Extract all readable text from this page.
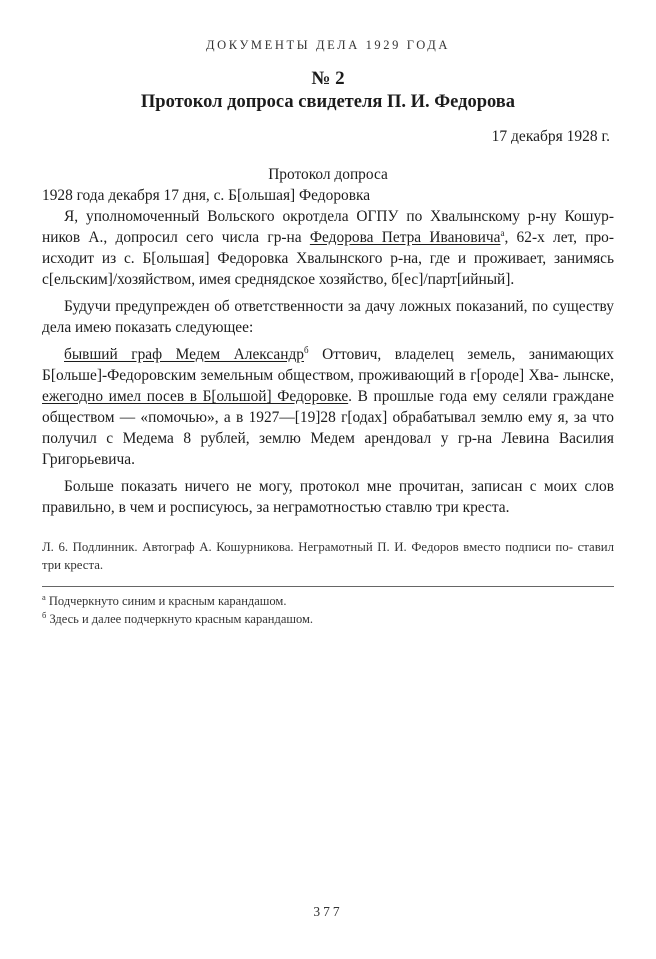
ДОКУМЕНТЫ ДЕЛА 1929 ГОДА
№ 2
Протокол допроса свидетеля П. И. Федорова
17 декабря 1928 г.

Протокол допроса

1928 года декабря 17 дня, с. Б[ольшая] Федоровка

Я, уполномоченный Вольского окротдела ОГПУ по Хвалынскому р-ну Кошур- ников А., допросил сего числа гр-на Федорова Петра Ивановича$^а$, 62-х лет, про- исходит из с. Б[ольшая] Федоровка Хвалынского р-на, где и проживает, занимясь с[ельским]/хозяйством, имея среднядское хозяйство, б[ес]/парт[ийный].

Будучи предупрежден об ответственности за дачу ложных показаний, по существу дела имею показать следующее:

бывший граф Медем Александр$^б$ Оттович, владелец земель, занимающих Б[ольше]-Федоровским земельным обществом, проживающий в г[ороде] Хва- лынске, ежегодно имел посев в Б[ольшой] Федоровке. В прошлые года ему селяли граждане обществом — «помочью», а в 1927—[19]28 г[одах] обрабатывал землю ему я, за что получил с Медема 8 рублей, землю Медем арендовал у гр-на Левина Василия Григорьевича.

Больше показать ничего не могу, протокол мне прочитан, записан с моих слов правильно, в чем и росписуюсь, за неграмотностью ставлю три креста.

Л. 6. Подлинник. Автограф А. Кошурникова. Неграмотный П. И. Федоров вместо подписи по- ставил три креста.
$^а$ Подчеркнуто синим и красным карандашом.
$^б$ Здесь и далее подчеркнуто красным карандашом.
377
